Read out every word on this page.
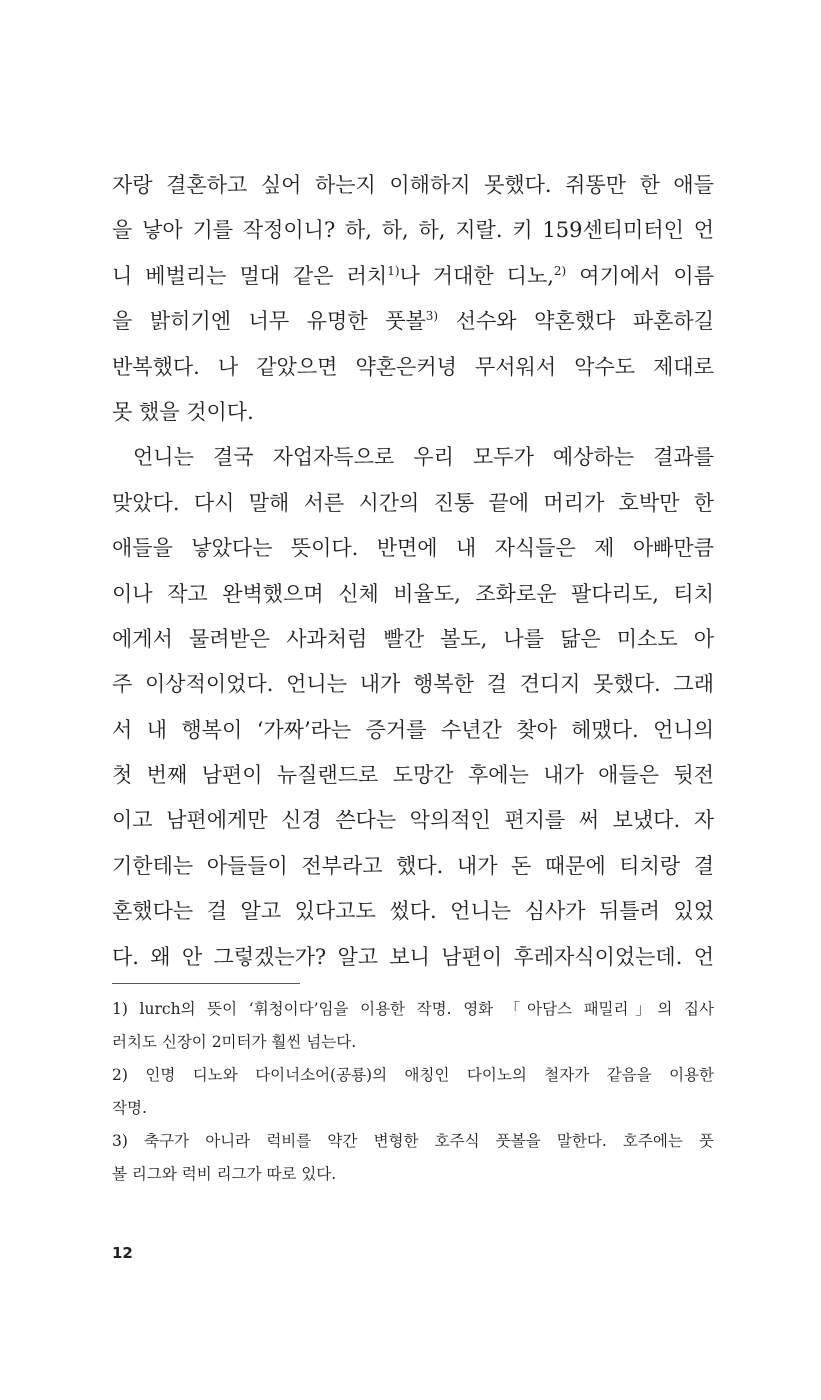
자랑 결혼하고 싶어 하는지 이해하지 못했다. 쥐똥만 한 애들
을 낳아 기를 작정이니? 하, 하, 하, 지랄. 키 159센티미터인 언
니 베벌리는 멀대 같은 러치$^{1)}$나 거대한 디노,$^{2)}$ 여기에서 이름
을 밝히기엔 너무 유명한 풋볼$^{3)}$ 선수와 약혼했다 파혼하길
반복했다. 나 같았으면 약혼은커녕 무서워서 악수도 제대로
못 했을 것이다.
언니는 결국 자업자득으로 우리 모두가 예상하는 결과를
맞았다. 다시 말해 서른 시간의 진통 끝에 머리가 호박만 한
애들을 낳았다는 뜻이다. 반면에 내 자식들은 제 아빠만큼
이나 작고 완벽했으며 신체 비율도, 조화로운 팔다리도, 티치
에게서 물려받은 사과처럼 빨간 볼도, 나를 닮은 미소도 아
주 이상적이었다. 언니는 내가 행복한 걸 견디지 못했다. 그래
서 내 행복이 ‘가짜’라는 증거를 수년간 찾아 헤맸다. 언니의
첫 번째 남편이 뉴질랜드로 도망간 후에는 내가 애들은 뒷전
이고 남편에게만 신경 쓴다는 악의적인 편지를 써 보냈다. 자
기한테는 아들들이 전부라고 했다. 내가 돈 때문에 티치랑 결
혼했다는 걸 알고 있다고도 썼다. 언니는 심사가 뒤틀려 있었
다. 왜 안 그렇겠는가? 알고 보니 남편이 후레자식이었는데. 언
1) lurch의 뜻이 ‘휘청이다’임을 이용한 작명. 영화 「아담스 패밀리」의 집사
러치도 신장이 2미터가 훨씬 넘는다.
2) 인명 디노와 다이너소어(공룡)의 애칭인 다이노의 철자가 같음을 이용한
작명.
3) 축구가 아니라 럭비를 약간 변형한 호주식 풋볼을 말한다. 호주에는 풋
볼 리그와 럭비 리그가 따로 있다.
12
